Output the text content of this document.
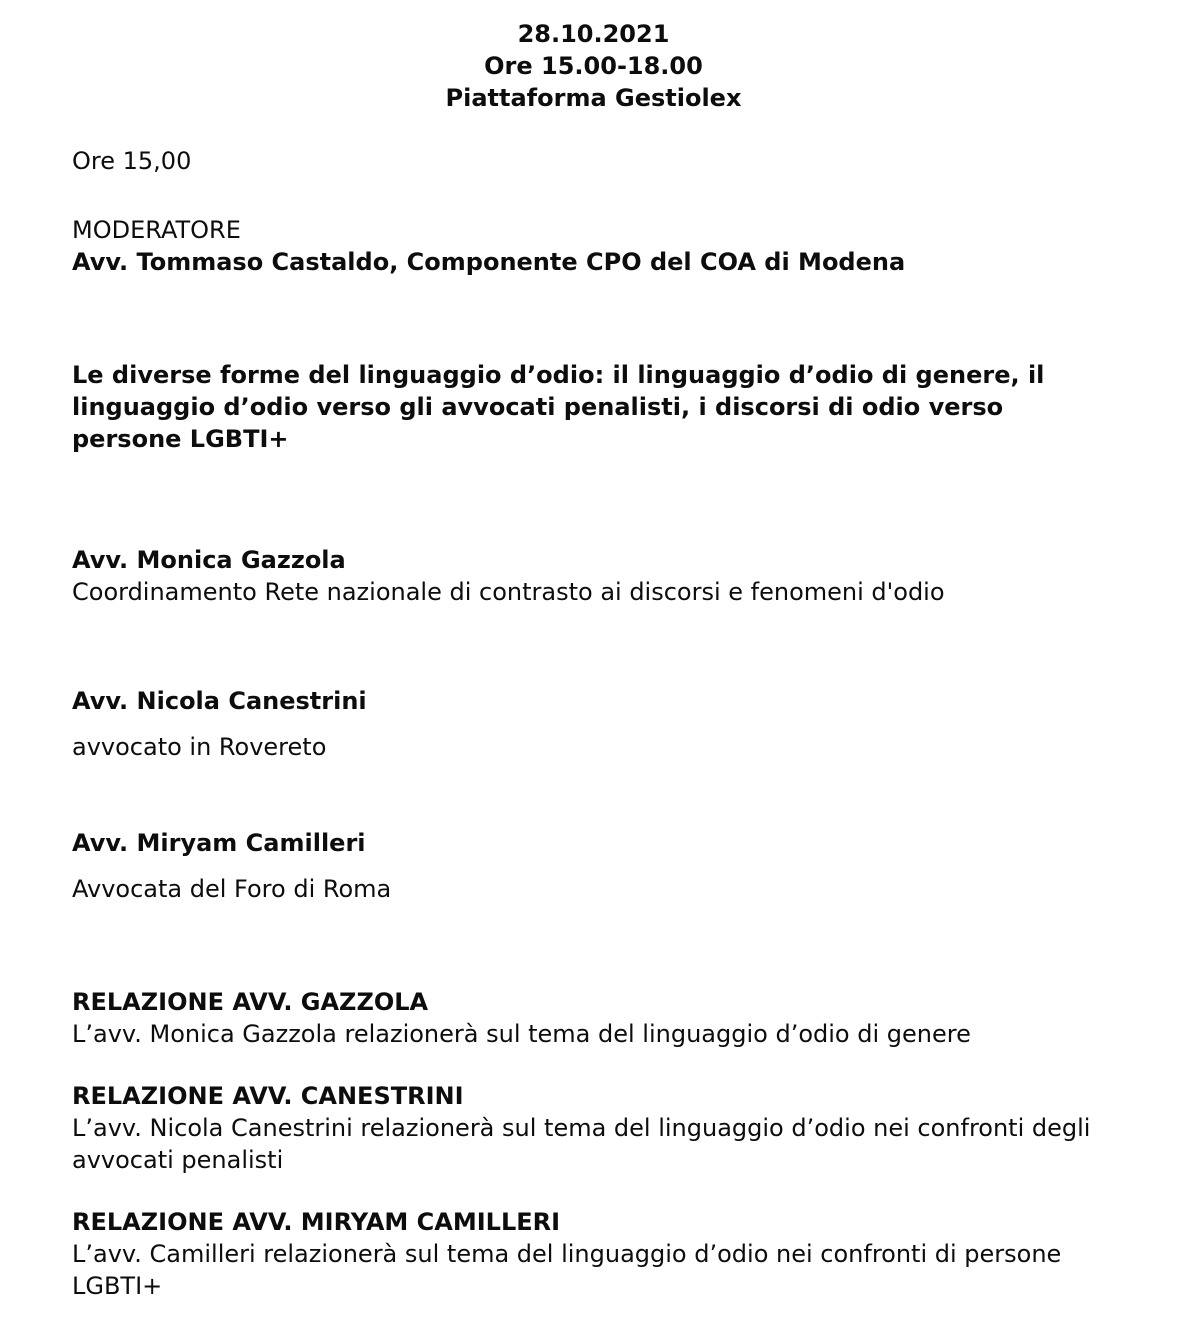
28.10.2021

Ore 15.00-18.00

Piattaforma Gestiolex

Ore 15,00

MODERATORE

Avv. Tommaso Castaldo, Componente CPO del COA di Modena

Le diverse forme del linguaggio d’odio: il linguaggio d’odio di genere, il linguaggio d’odio verso gli avvocati penalisti, i discorsi di odio verso persone LGBTI+

Avv. Monica Gazzola

Coordinamento Rete nazionale di contrasto ai discorsi e fenomeni d'odio

Avv. Nicola Canestrini

avvocato in Rovereto

Avv. Miryam Camilleri

Avvocata del Foro di Roma

RELAZIONE AVV. GAZZOLA

L’avv. Monica Gazzola relazionerà sul tema del linguaggio d’odio di genere

RELAZIONE AVV. CANESTRINI

L’avv. Nicola Canestrini relazionerà sul tema del linguaggio d’odio nei confronti degli avvocati penalisti

RELAZIONE AVV. MIRYAM CAMILLERI

L’avv. Camilleri relazionerà sul tema del linguaggio d’odio nei confronti di persone LGBTI+
